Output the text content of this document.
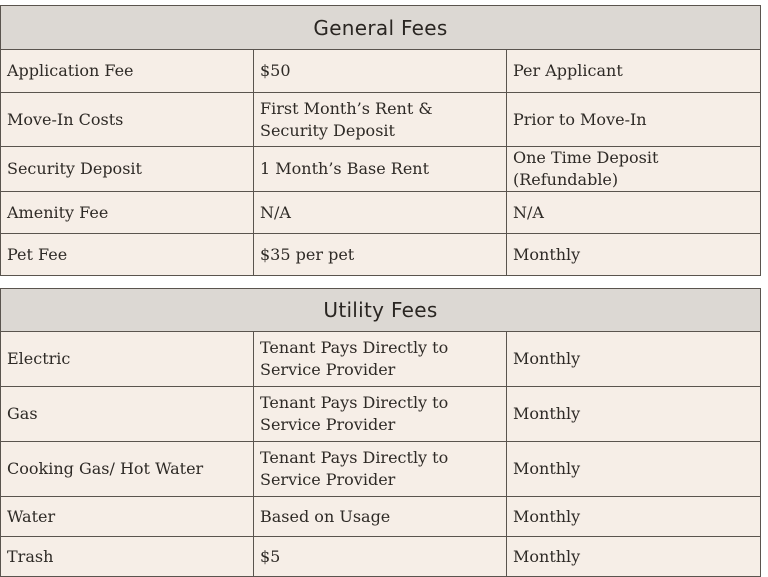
General Fees		
Application Fee	$50	Per Applicant
Move-In Costs	First Month’s Rent & Security Deposit	Prior to Move-In
Security Deposit	1 Month’s Base Rent	One Time Deposit (Refundable)
Amenity Fee	N/A	N/A
Pet Fee	$35 per pet	Monthly
Utility Fees		
Electric	Tenant Pays Directly to Service Provider	Monthly
Gas	Tenant Pays Directly to Service Provider	Monthly
Cooking Gas/ Hot Water	Tenant Pays Directly to Service Provider	Monthly
Water	Based on Usage	Monthly
Trash	$5	Monthly
